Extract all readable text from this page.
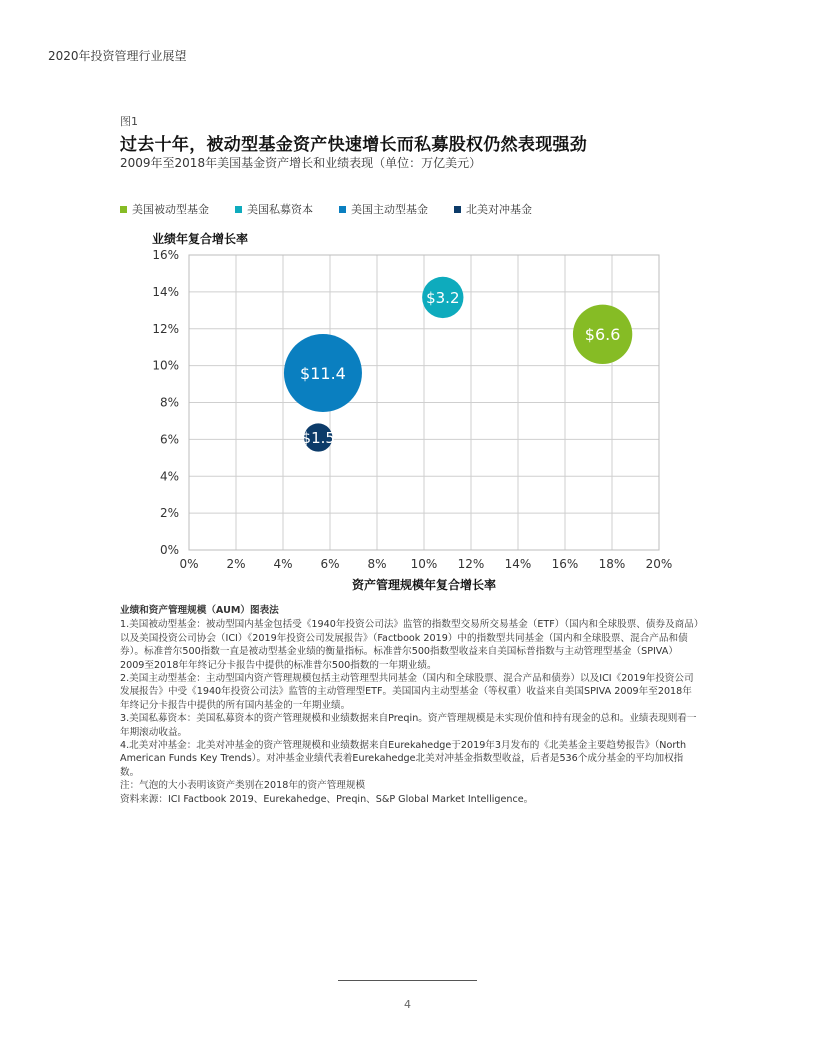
2020年投资管理行业展望
图1
过去十年，被动型基金资产快速增长而私募股权仍然表现强劲
2009年至2018年美国基金资产增长和业绩表现（单位：万亿美元）
美国被动型基金	美国私募资本	美国主动型基金	北美对冲基金
0% 2% 4% 6% 8% 10% 12% 14% 16% 18% 20%
0%
2%
4%
6%
8%
10%
12%
14%
16%
业绩年复合增长率
资产管理规模年复合增长率
$6.6
$3.2
$11.4
$1.5

业绩和资产管理规模（AUM）图表法

1.美国被动型基金：被动型国内基金包括受《1940年投资公司法》监管的指数型交易所交易基金（ETF）（国内和全球股票、债券及商品）以及美国投资公司协会（ICI）《2019年投资公司发展报告》（Factbook 2019）中的指数型共同基金（国内和全球股票、混合产品和债券）。标准普尔500指数一直是被动型基金业绩的衡量指标。标准普尔500指数型收益来自美国标普指数与主动管理型基金（SPIVA）2009至2018年年终记分卡报告中提供的标准普尔500指数的一年期业绩。

2.美国主动型基金：主动型国内资产管理规模包括主动管理型共同基金（国内和全球股票、混合产品和债券）以及ICI《2019年投资公司发展报告》中受《1940年投资公司法》监管的主动管理型ETF。美国国内主动型基金（等权重）收益来自美国SPIVA 2009年至2018年年终记分卡报告中提供的所有国内基金的一年期业绩。

3.美国私募资本：美国私募资本的资产管理规模和业绩数据来自Preqin。资产管理规模是未实现价值和持有现金的总和。业绩表现则看一年期滚动收益。

4.北美对冲基金：北美对冲基金的资产管理规模和业绩数据来自Eurekahedge于2019年3月发布的《北美基金主要趋势报告》（North American Funds Key Trends）。对冲基金业绩代表着Eurekahedge北美对冲基金指数型收益，后者是536个成分基金的平均加权指数。

注：气泡的大小表明该资产类别在2018年的资产管理规模

资料来源：ICI Factbook 2019、Eurekahedge、Preqin、S&P Global Market Intelligence。

4
